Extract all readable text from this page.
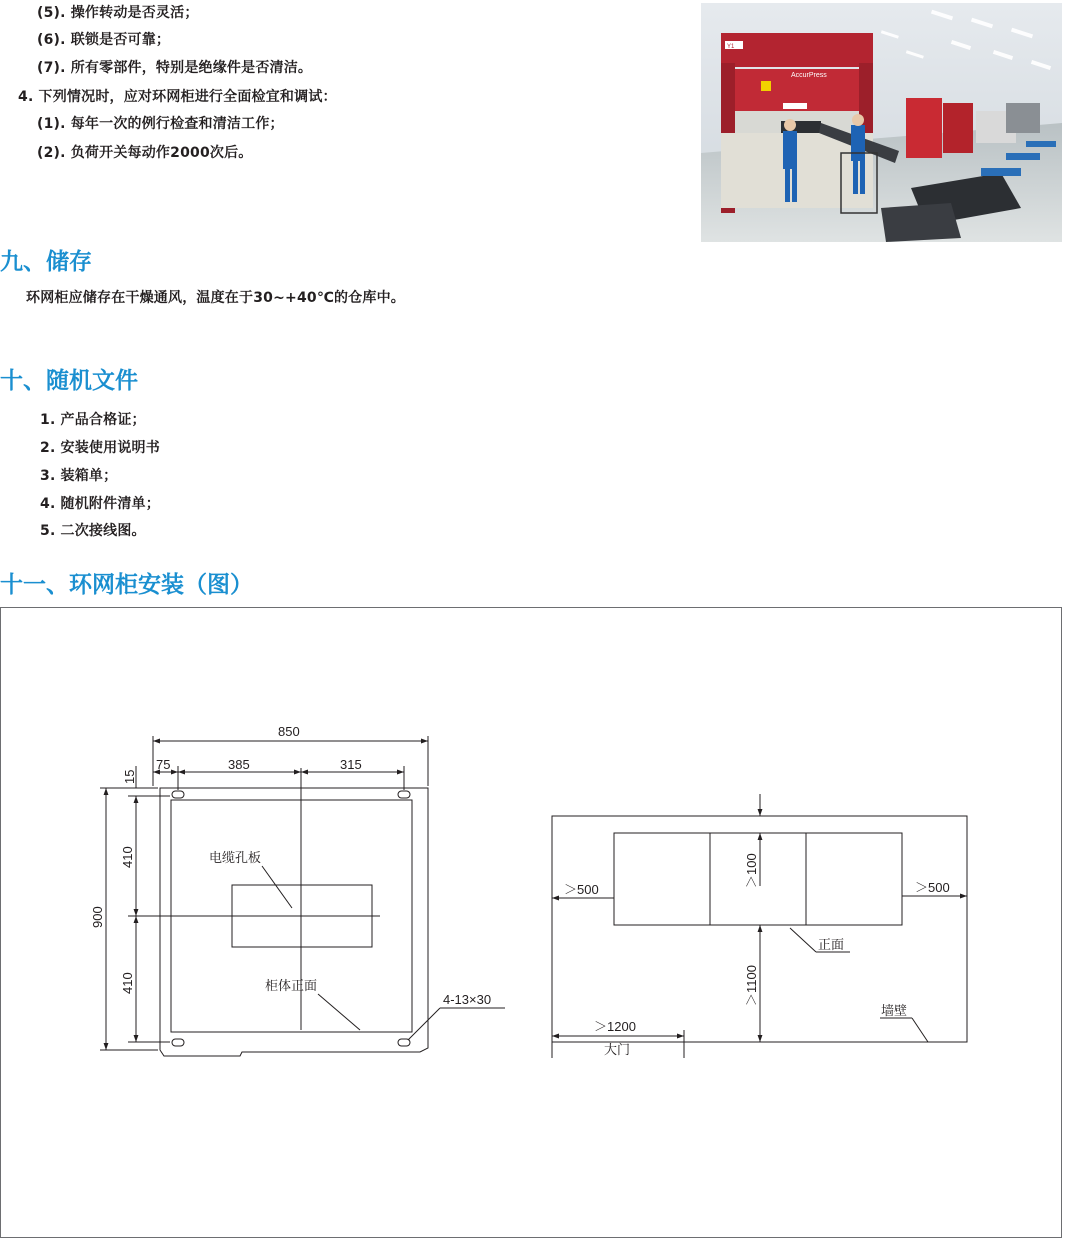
(5). 操作转动是否灵活；
(6). 联锁是否可靠；
(7). 所有零部件，特别是绝缘件是否清洁。
4. 下列情况时，应对环网柜进行全面检宜和调试：
(1). 每年一次的例行检查和清洁工作；
(2). 负荷开关每动作2000次后。
Y1
AccurPress
九、储存
环网柜应储存在干燥通风，温度在于30~+40℃的仓库中。
十、随机文件
1. 产品合格证；
2. 安装使用说明书
3. 装箱单；
4. 随机附件清单；
5. 二次接线图。
十一、环网柜安装（图）
850
75	385	315
15
900
410
410
电缆孔板
柜体正面
4-13×30
＞500	＞500
＞100
＞1100
＞1200
正面
墙壁
大门
